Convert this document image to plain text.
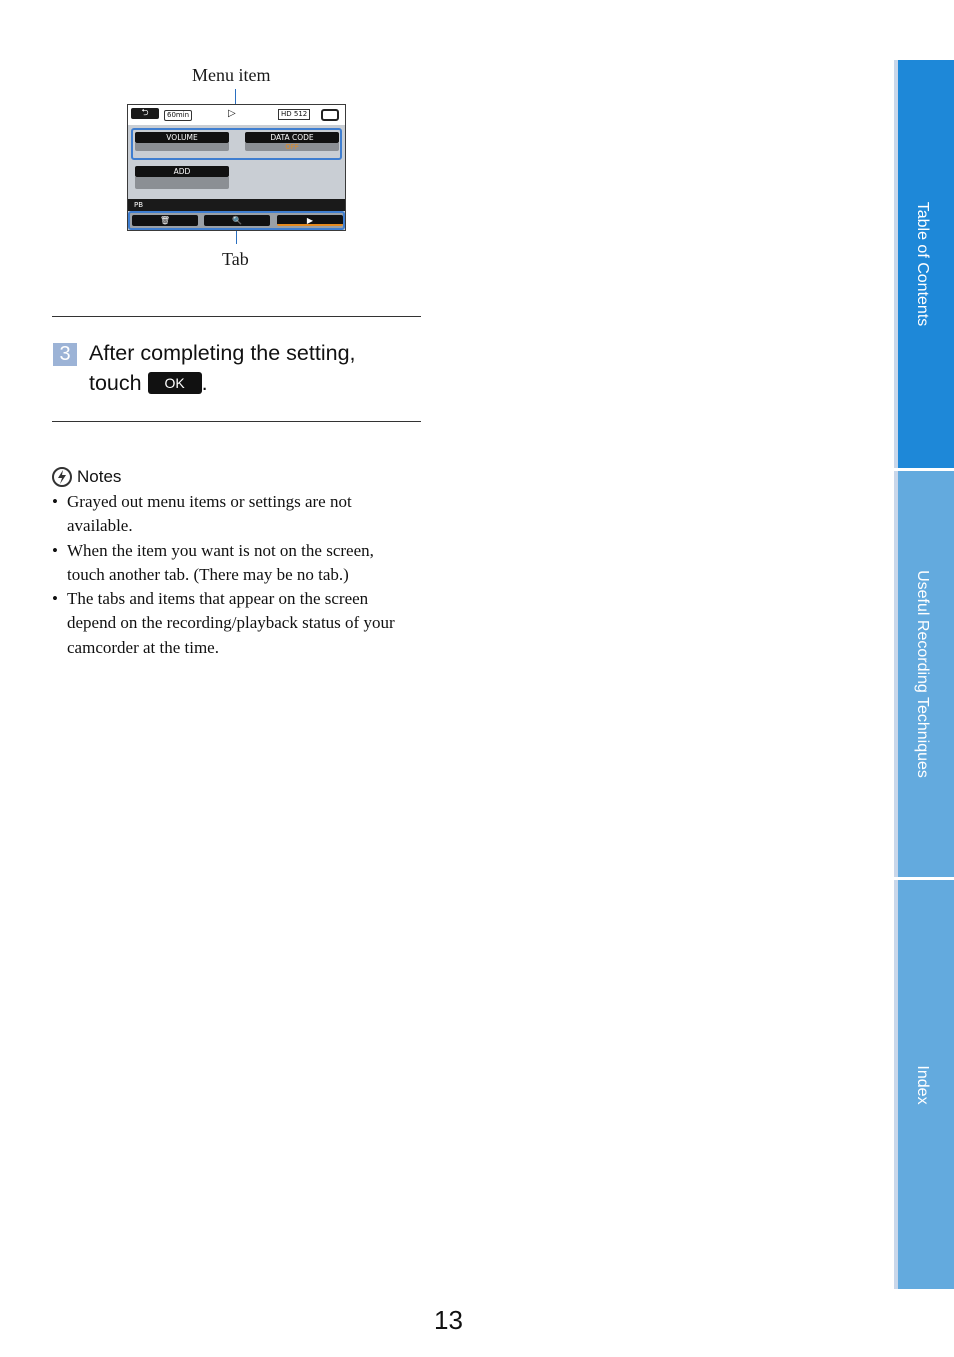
Menu item
Tab
⮌	60min	▷	HD 512
VOLUME	DATA CODE
OFF
ADD
PB
🗑	🔍	▶
3 After completing the setting,
touch OK .
Notes
• Grayed out menu items or settings are not available.
• When the item you want is not on the screen, touch another tab. (There may be no tab.)
• The tabs and items that appear on the screen depend on the recording/playback status of your camcorder at the time.
Table of Contents
Useful Recording Techniques
Index
13
